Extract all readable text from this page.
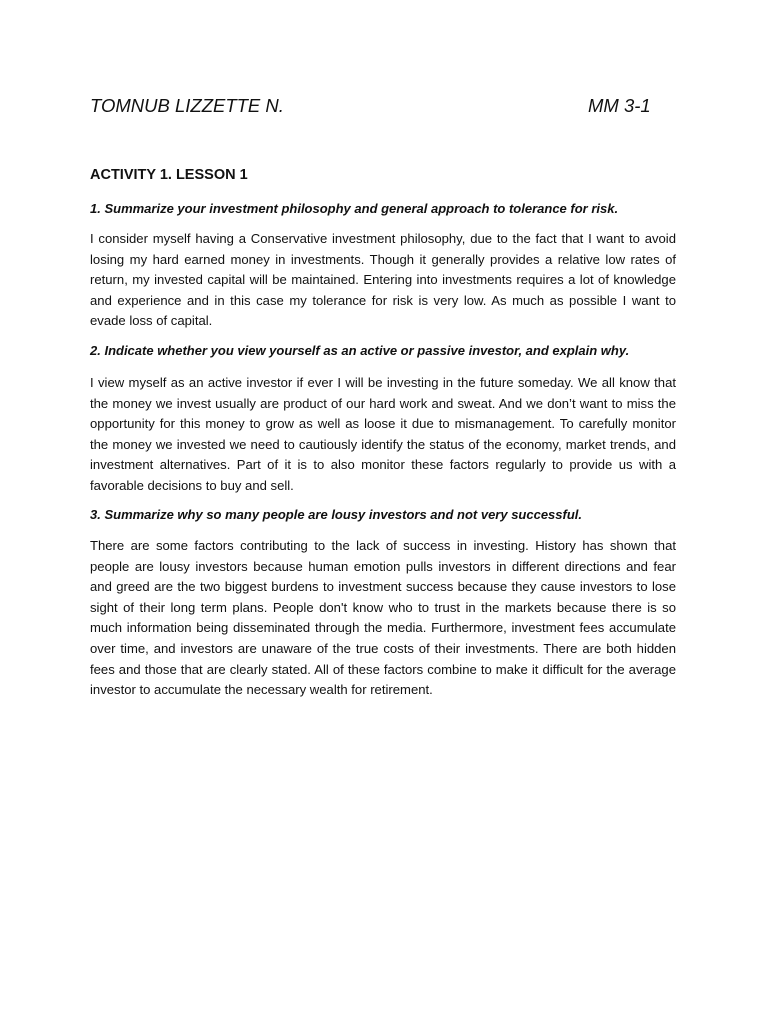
TOMNUB LIZZETTE N.	MM 3-1
ACTIVITY 1. LESSON 1
1. Summarize your investment philosophy and general approach to tolerance for risk.
I consider myself having a Conservative investment philosophy, due to the fact that I want to avoid losing my hard earned money in investments. Though it generally provides a relative low rates of return, my invested capital will be maintained. Entering into investments requires a lot of knowledge and experience and in this case my tolerance for risk is very low. As much as possible I want to evade loss of capital.
2. Indicate whether you view yourself as an active or passive investor, and explain why.
I view myself as an active investor if ever I will be investing in the future someday. We all know that the money we invest usually are product of our hard work and sweat. And we don’t want to miss the opportunity for this money to grow as well as loose it due to mismanagement. To carefully monitor the money we invested we need to cautiously identify the status of the economy, market trends, and investment alternatives. Part of it is to also monitor these factors regularly to provide us with a favorable decisions to buy and sell.
3. Summarize why so many people are lousy investors and not very successful.
There are some factors contributing to the lack of success in investing. History has shown that people are lousy investors because human emotion pulls investors in different directions and fear and greed are the two biggest burdens to investment success because they cause investors to lose sight of their long term plans. People don't know who to trust in the markets because there is so much information being disseminated through the media. Furthermore, investment fees accumulate over time, and investors are unaware of the true costs of their investments. There are both hidden fees and those that are clearly stated. All of these factors combine to make it difficult for the average investor to accumulate the necessary wealth for retirement.
